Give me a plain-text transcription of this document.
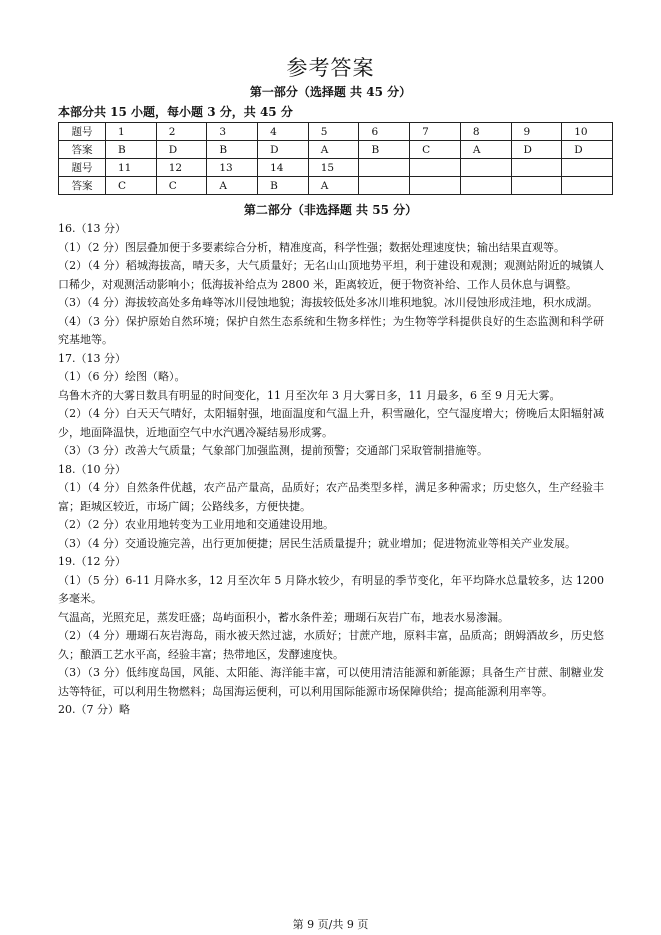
参考答案
第一部分（选择题 共 45 分）
本部分共 15 小题，每小题 3 分，共 45 分
题号	1	2	3	4	5	6	7	8	9	10
答案	B	D	B	D	A	B	C	A	D	D
题号	11	12	13	14	15					
答案	C	C	A	B	A					
第二部分（非选择题 共 55 分）

16.（13 分）

（1）（2 分）图层叠加便于多要素综合分析，精准度高，科学性强；数据处理速度快；输出结果直观等。

（2）（4 分）稻城海拔高，晴天多，大气质量好；无名山山顶地势平坦，利于建设和观测；观测站附近的城镇人口稀少，对观测活动影响小；低海拔补给点为 2800 米，距离较近，便于物资补给、工作人员休息与调整。

（3）（4 分）海拔较高处多角峰等冰川侵蚀地貌；海拔较低处多冰川堆积地貌。冰川侵蚀形成洼地，积水成湖。

（4）（3 分）保护原始自然环境；保护自然生态系统和生物多样性；为生物等学科提供良好的生态监测和科学研究基地等。

17.（13 分）

（1）（6 分）绘图（略）。

乌鲁木齐的大雾日数具有明显的时间变化，11 月至次年 3 月大雾日多，11 月最多，6 至 9 月无大雾。

（2）（4 分）白天天气晴好，太阳辐射强，地面温度和气温上升，积雪融化，空气湿度增大；傍晚后太阳辐射减少，地面降温快，近地面空气中水汽遇冷凝结易形成雾。

（3）（3 分）改善大气质量；气象部门加强监测，提前预警；交通部门采取管制措施等。

18.（10 分）

（1）（4 分）自然条件优越，农产品产量高，品质好；农产品类型多样，满足多种需求；历史悠久，生产经验丰富；距城区较近，市场广阔；公路线多，方便快捷。

（2）（2 分）农业用地转变为工业用地和交通建设用地。

（3）（4 分）交通设施完善，出行更加便捷；居民生活质量提升；就业增加；促进物流业等相关产业发展。

19.（12 分）

（1）（5 分）6-11 月降水多，12 月至次年 5 月降水较少，有明显的季节变化，年平均降水总量较多，达 1200 多毫米。

气温高，光照充足，蒸发旺盛；岛屿面积小，蓄水条件差；珊瑚石灰岩广布，地表水易渗漏。

（2）（4 分）珊瑚石灰岩海岛，雨水被天然过滤，水质好；甘蔗产地，原料丰富，品质高；朗姆酒故乡，历史悠久；酿酒工艺水平高，经验丰富；热带地区，发酵速度快。

（3）（3 分）低纬度岛国，风能、太阳能、海洋能丰富，可以使用清洁能源和新能源；具备生产甘蔗、制糖业发达等特征，可以利用生物燃料；岛国海运便利，可以利用国际能源市场保障供给；提高能源利用率等。

20.（7 分）略

第 9 页/共 9 页
